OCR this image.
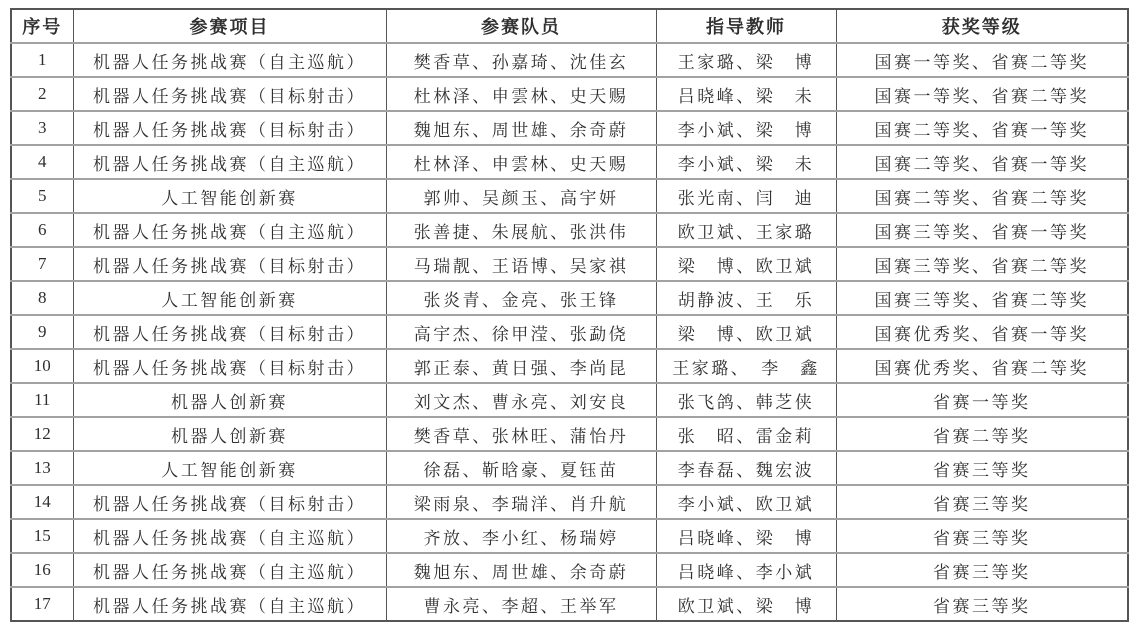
序号	参赛项目	参赛队员	指导教师	获奖等级
1	机器人任务挑战赛（自主巡航）	樊香草、孙嘉琦、沈佳玄	王家璐、梁　博	国赛一等奖、省赛二等奖
2	机器人任务挑战赛（目标射击）	杜林泽、申雲林、史天赐	吕晓峰、梁　未	国赛一等奖、省赛二等奖
3	机器人任务挑战赛（目标射击）	魏旭东、周世雄、余奇蔚	李小斌、梁　博	国赛二等奖、省赛一等奖
4	机器人任务挑战赛（自主巡航）	杜林泽、申雲林、史天赐	李小斌、梁　未	国赛二等奖、省赛一等奖
5	人工智能创新赛	郭帅、吴颜玉、高宇妍	张光南、闫　迪	国赛二等奖、省赛二等奖
6	机器人任务挑战赛（自主巡航）	张善捷、朱展航、张洪伟	欧卫斌、王家璐	国赛三等奖、省赛一等奖
7	机器人任务挑战赛（目标射击）	马瑞靓、王语博、吴家祺	梁　博、欧卫斌	国赛三等奖、省赛二等奖
8	人工智能创新赛	张炎青、金亮、张王锋	胡静波、王　乐	国赛三等奖、省赛二等奖
9	机器人任务挑战赛（目标射击）	高宇杰、徐甲滢、张勐侥	梁　博、欧卫斌	国赛优秀奖、省赛一等奖
10	机器人任务挑战赛（目标射击）	郭正泰、黄日强、李尚昆	王家璐、　李　鑫	国赛优秀奖、省赛二等奖
11	机器人创新赛	刘文杰、曹永亮、刘安良	张飞鸽、韩芝侠	省赛一等奖
12	机器人创新赛	樊香草、张林旺、蒲怡丹	张　昭、雷金莉	省赛二等奖
13	人工智能创新赛	徐磊、靳晗豪、夏钰苗	李春磊、魏宏波	省赛三等奖
14	机器人任务挑战赛（目标射击）	梁雨泉、李瑞洋、肖升航	李小斌、欧卫斌	省赛三等奖
15	机器人任务挑战赛（自主巡航）	齐放、李小红、杨瑞婷	吕晓峰、梁　博	省赛三等奖
16	机器人任务挑战赛（自主巡航）	魏旭东、周世雄、余奇蔚	吕晓峰、李小斌	省赛三等奖
17	机器人任务挑战赛（自主巡航）	曹永亮、李超、王举军	欧卫斌、梁　博	省赛三等奖
